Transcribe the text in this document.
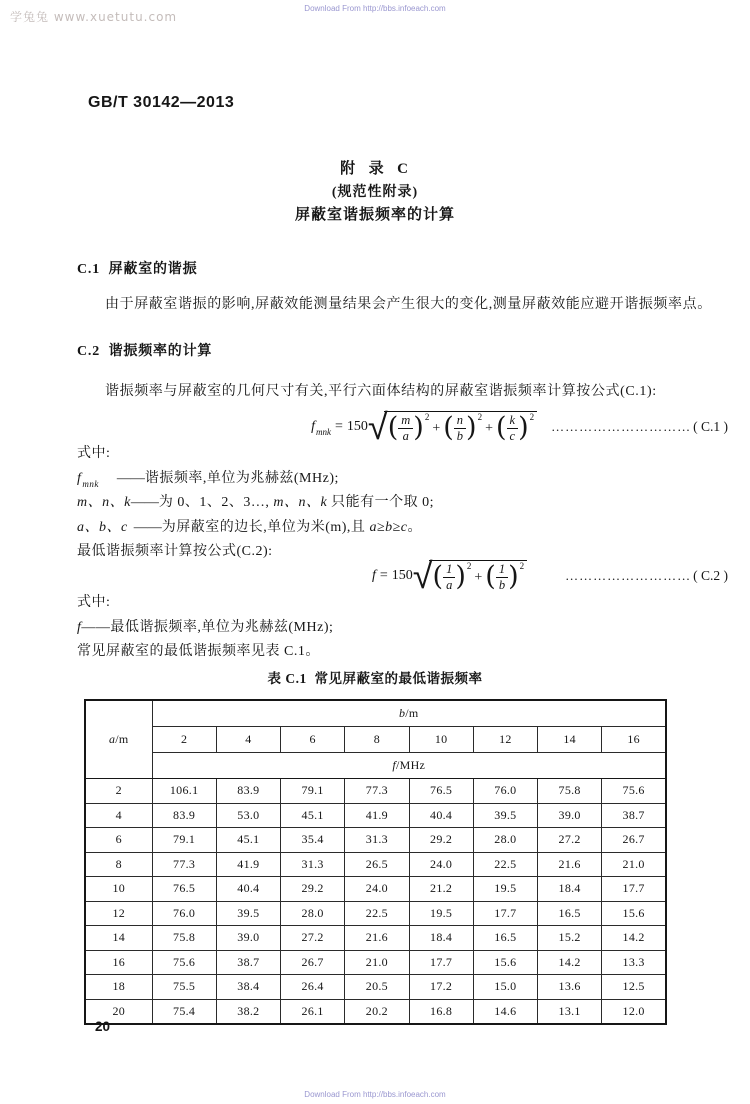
Download From http://bbs.infoeach.com
学兔兔 www.xuetutu.com
GB/T 30142—2013
附  录  C
(规范性附录)
屏蔽室谐振频率的计算
C.1  屏蔽室的谐振
由于屏蔽室谐振的影响,屏蔽效能测量结果会产生很大的变化,测量屏蔽效能应避开谐振频率点。
C.2  谐振频率的计算
谐振频率与屏蔽室的几何尺寸有关,平行六面体结构的屏蔽室谐振频率计算按公式(C.1):
f mnk = 150 √ ( $\frac{m}{a} )^2$
+ ( $\frac{n}{b} )^2$
+ ( $\frac{k}{c} )^2$
………………………… ( C.1 )
式中:
$f_{mnk}$ ——谐振频率,单位为兆赫兹(MHz);
m、n、k——为 0、1、2、3…, m、n、k 只能有一个取 0;
a、b、c ——为屏蔽室的边长,单位为米(m),且 a≥b≥c。
最低谐振频率计算按公式(C.2):
f = 150 √ ( $\frac{1}{a} )^2$
+ ( $\frac{1}{b} )^2$
……………………… ( C.2 )
式中:
f——最低谐振频率,单位为兆赫兹(MHz);
常见屏蔽室的最低谐振频率见表 C.1。
表 C.1  常见屏蔽室的最低谐振频率
a/m	b/m							
	2	4	6	8	10	12	14	16
	f/MHz							
2	106.1	83.9	79.1	77.3	76.5	76.0	75.8	75.6
4	83.9	53.0	45.1	41.9	40.4	39.5	39.0	38.7
6	79.1	45.1	35.4	31.3	29.2	28.0	27.2	26.7
8	77.3	41.9	31.3	26.5	24.0	22.5	21.6	21.0
10	76.5	40.4	29.2	24.0	21.2	19.5	18.4	17.7
12	76.0	39.5	28.0	22.5	19.5	17.7	16.5	15.6
14	75.8	39.0	27.2	21.6	18.4	16.5	15.2	14.2
16	75.6	38.7	26.7	21.0	17.7	15.6	14.2	13.3
18	75.5	38.4	26.4	20.5	17.2	15.0	13.6	12.5
20	75.4	38.2	26.1	20.2	16.8	14.6	13.1	12.0
20
Download From http://bbs.infoeach.com
